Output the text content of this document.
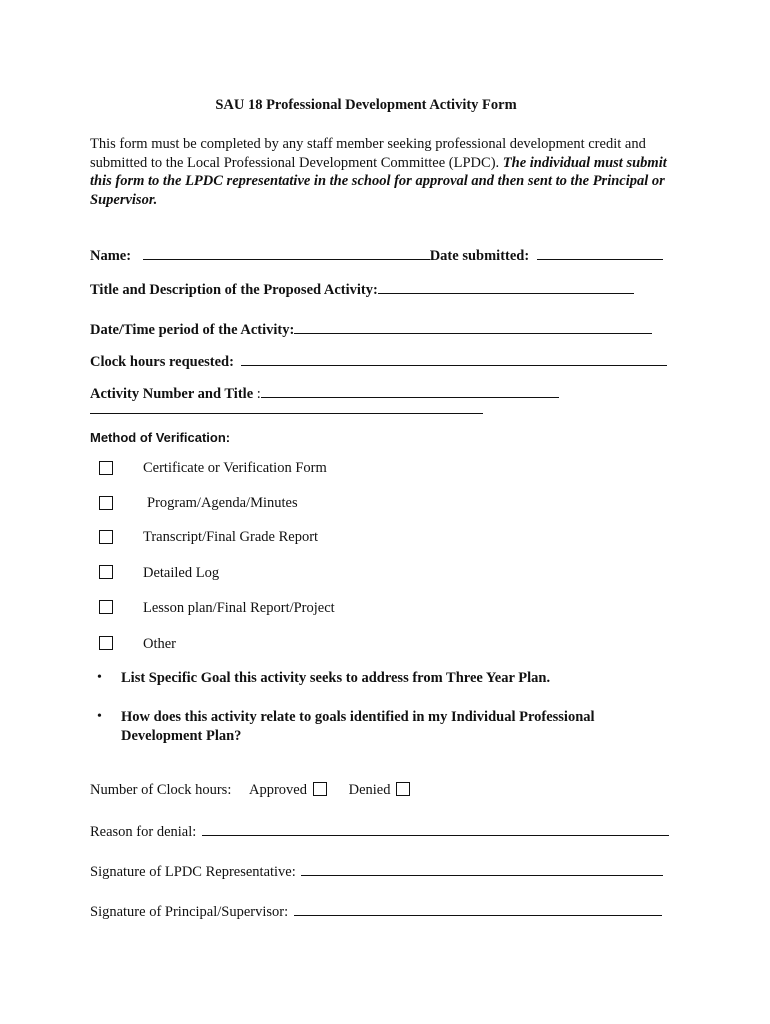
SAU 18 Professional Development Activity Form
This form must be completed by any staff member seeking professional development credit and submitted to the Local Professional Development Committee (LPDC). The individual must submit this form to the LPDC representative in the school for approval and then sent to the Principal or Supervisor.
Name:	Date submitted:
Title and Description of the Proposed Activity:
Date/Time period of the Activity:
Clock hours requested:
Activity Number and Title :
Method of Verification:
Certificate or Verification Form
Program/Agenda/Minutes
Transcript/Final Grade Report
Detailed Log
Lesson plan/Final Report/Project
Other
• List Specific Goal this activity seeks to address from Three Year Plan.
• How does this activity relate to goals identified in my Individual Professional Development Plan?
Number of Clock hours: Approved	Denied
Reason for denial:
Signature of LPDC Representative:
Signature of Principal/Supervisor:
